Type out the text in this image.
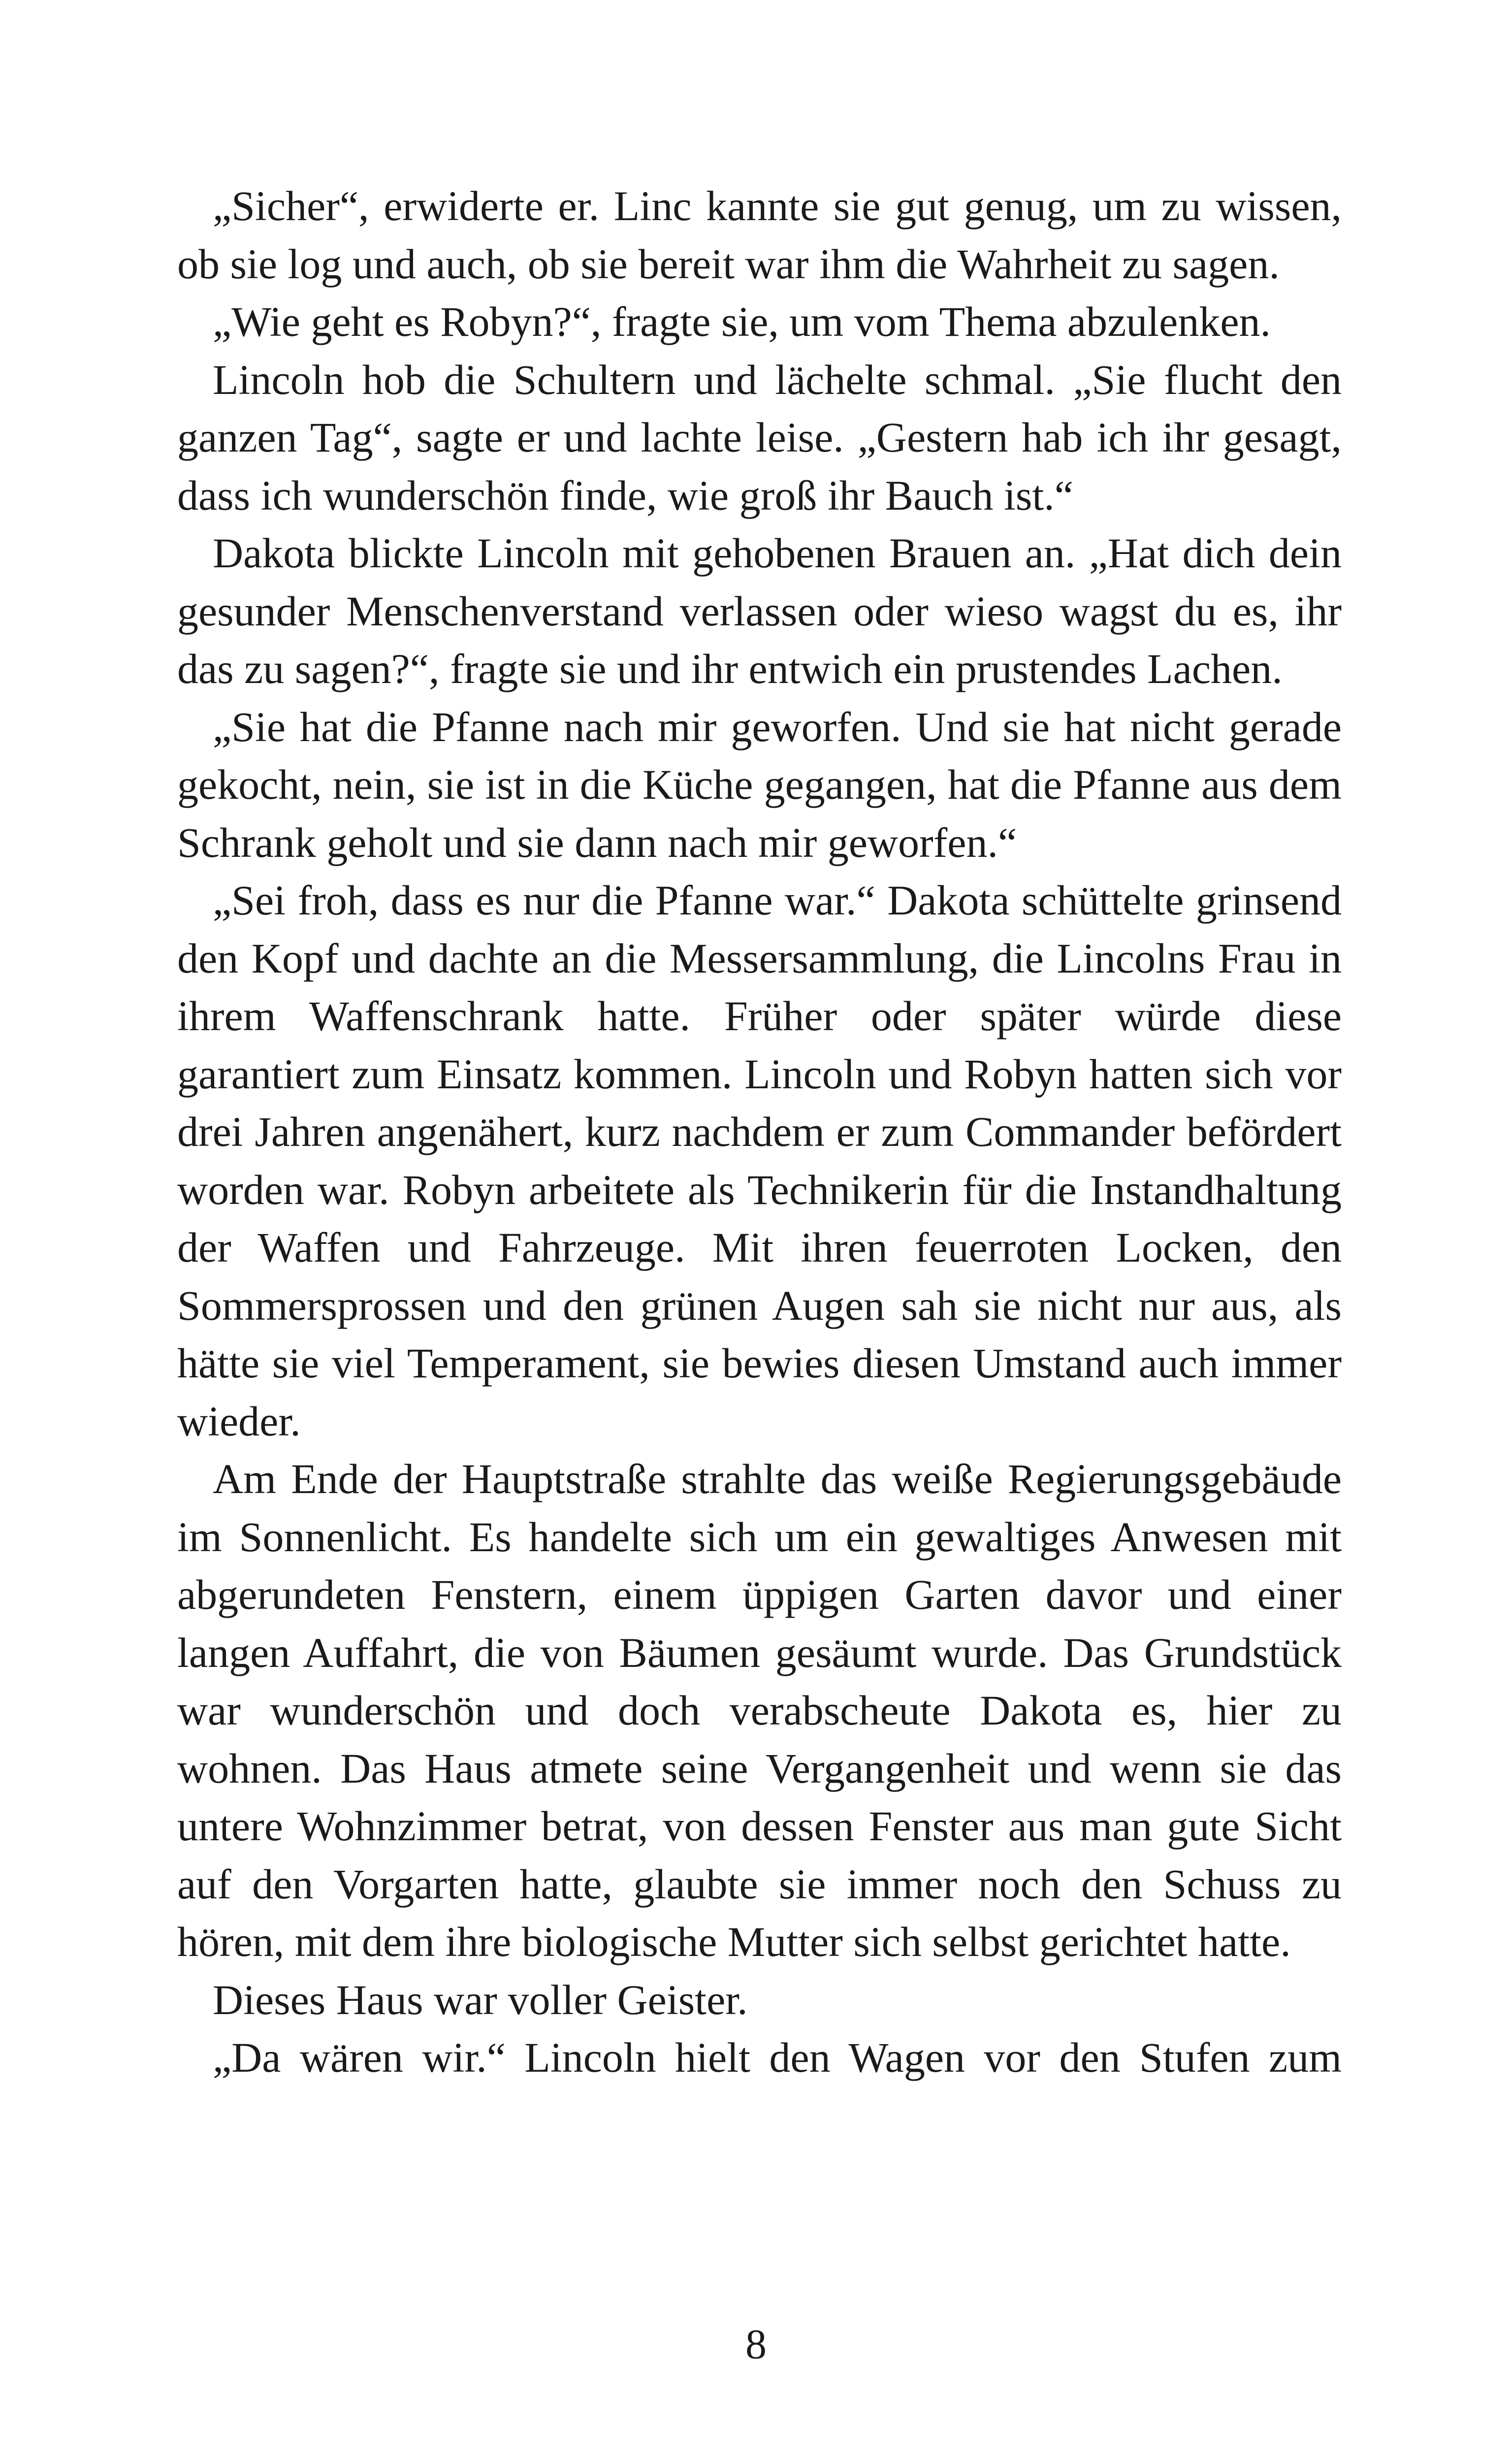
„Sicher“, erwiderte er. Linc kannte sie gut genug, um zu wissen, ob sie log und auch, ob sie bereit war ihm die Wahrheit zu sagen.

„Wie geht es Robyn?“, fragte sie, um vom Thema abzulenken.

Lincoln hob die Schultern und lächelte schmal. „Sie flucht den ganzen Tag“, sagte er und lachte leise. „Gestern hab ich ihr gesagt, dass ich wunderschön finde, wie groß ihr Bauch ist.“

Dakota blickte Lincoln mit gehobenen Brauen an. „Hat dich dein gesunder Menschenverstand verlassen oder wieso wagst du es, ihr das zu sagen?“, fragte sie und ihr entwich ein prustendes Lachen.

„Sie hat die Pfanne nach mir geworfen. Und sie hat nicht gerade gekocht, nein, sie ist in die Küche gegangen, hat die Pfanne aus dem Schrank geholt und sie dann nach mir geworfen.“

„Sei froh, dass es nur die Pfanne war.“ Dakota schüttelte grinsend den Kopf und dachte an die Messersammlung, die Lincolns Frau in ihrem Waffenschrank hatte. Früher oder später würde diese garantiert zum Einsatz kommen. Lincoln und Robyn hatten sich vor drei Jahren angenähert, kurz nachdem er zum Commander befördert worden war. Robyn arbeitete als Technikerin für die Instandhaltung der Waffen und Fahrzeuge. Mit ihren feuerroten Locken, den Sommersprossen und den grünen Augen sah sie nicht nur aus, als hätte sie viel Temperament, sie bewies diesen Umstand auch immer wieder.

Am Ende der Hauptstraße strahlte das weiße Regierungsgebäude im Sonnenlicht. Es handelte sich um ein gewaltiges Anwesen mit abgerundeten Fenstern, einem üppigen Garten davor und einer langen Auffahrt, die von Bäumen gesäumt wurde. Das Grundstück war wunderschön und doch verabscheute Dakota es, hier zu wohnen. Das Haus atmete seine Vergangenheit und wenn sie das untere Wohnzimmer betrat, von dessen Fenster aus man gute Sicht auf den Vorgarten hatte, glaubte sie immer noch den Schuss zu hören, mit dem ihre biologische Mutter sich selbst gerichtet hatte.

Dieses Haus war voller Geister.

„Da wären wir.“ Lincoln hielt den Wagen vor den Stufen zum

8
